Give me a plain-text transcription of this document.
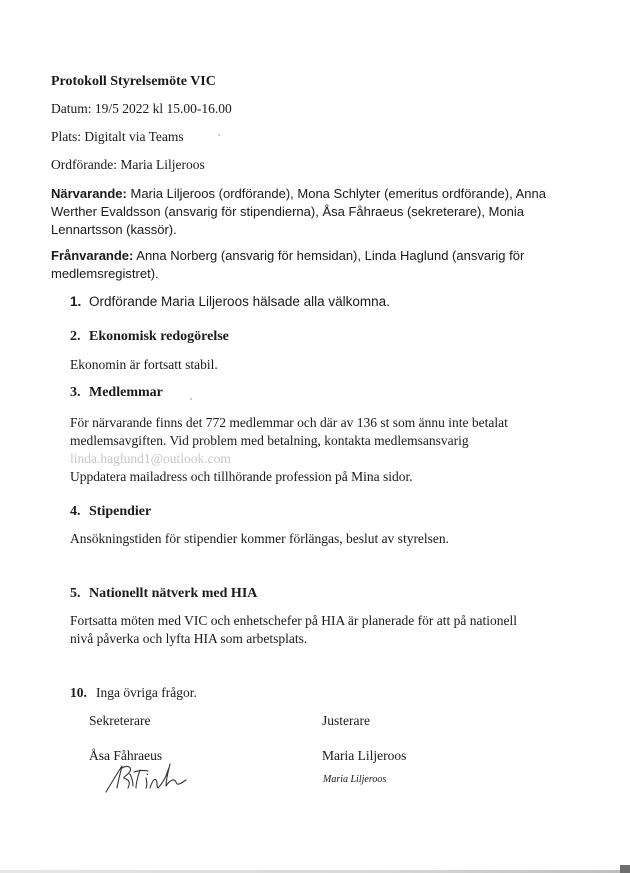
Protokoll Styrelsemöte VIC
Datum: 19/5 2022 kl 15.00-16.00
Plats: Digitalt via Teams
Ordförande: Maria Liljeroos
Närvarande: Maria Liljeroos (ordförande), Mona Schlyter (emeritus ordförande), Anna Werther Evaldsson (ansvarig för stipendierna), Åsa Fåhraeus (sekreterare), Monia Lennartsson (kassör).
Frånvarande: Anna Norberg (ansvarig för hemsidan), Linda Haglund (ansvarig för medlemsregistret).
1. Ordförande Maria Liljeroos hälsade alla välkomna.
2. Ekonomisk redogörelse
Ekonomin är fortsatt stabil.
3. Medlemmar
För närvarande finns det 772 medlemmar och där av 136 st som ännu inte betalat medlemsavgiften. Vid problem med betalning, kontakta medlemsansvarig linda.haglund1@outlook.com
Uppdatera mailadress och tillhörande profession på Mina sidor.
4. Stipendier
Ansökningstiden för stipendier kommer förlängas, beslut av styrelsen.
5. Nationellt nätverk med HIA
Fortsatta möten med VIC och enhetschefer på HIA är planerade för att på nationell nivå påverka och lyfta HIA som arbetsplats.
10. Inga övriga frågor.
Sekreterare	Justerare
Åsa Fåhraeus	Maria Liljeroos
Maria Liljeroos
